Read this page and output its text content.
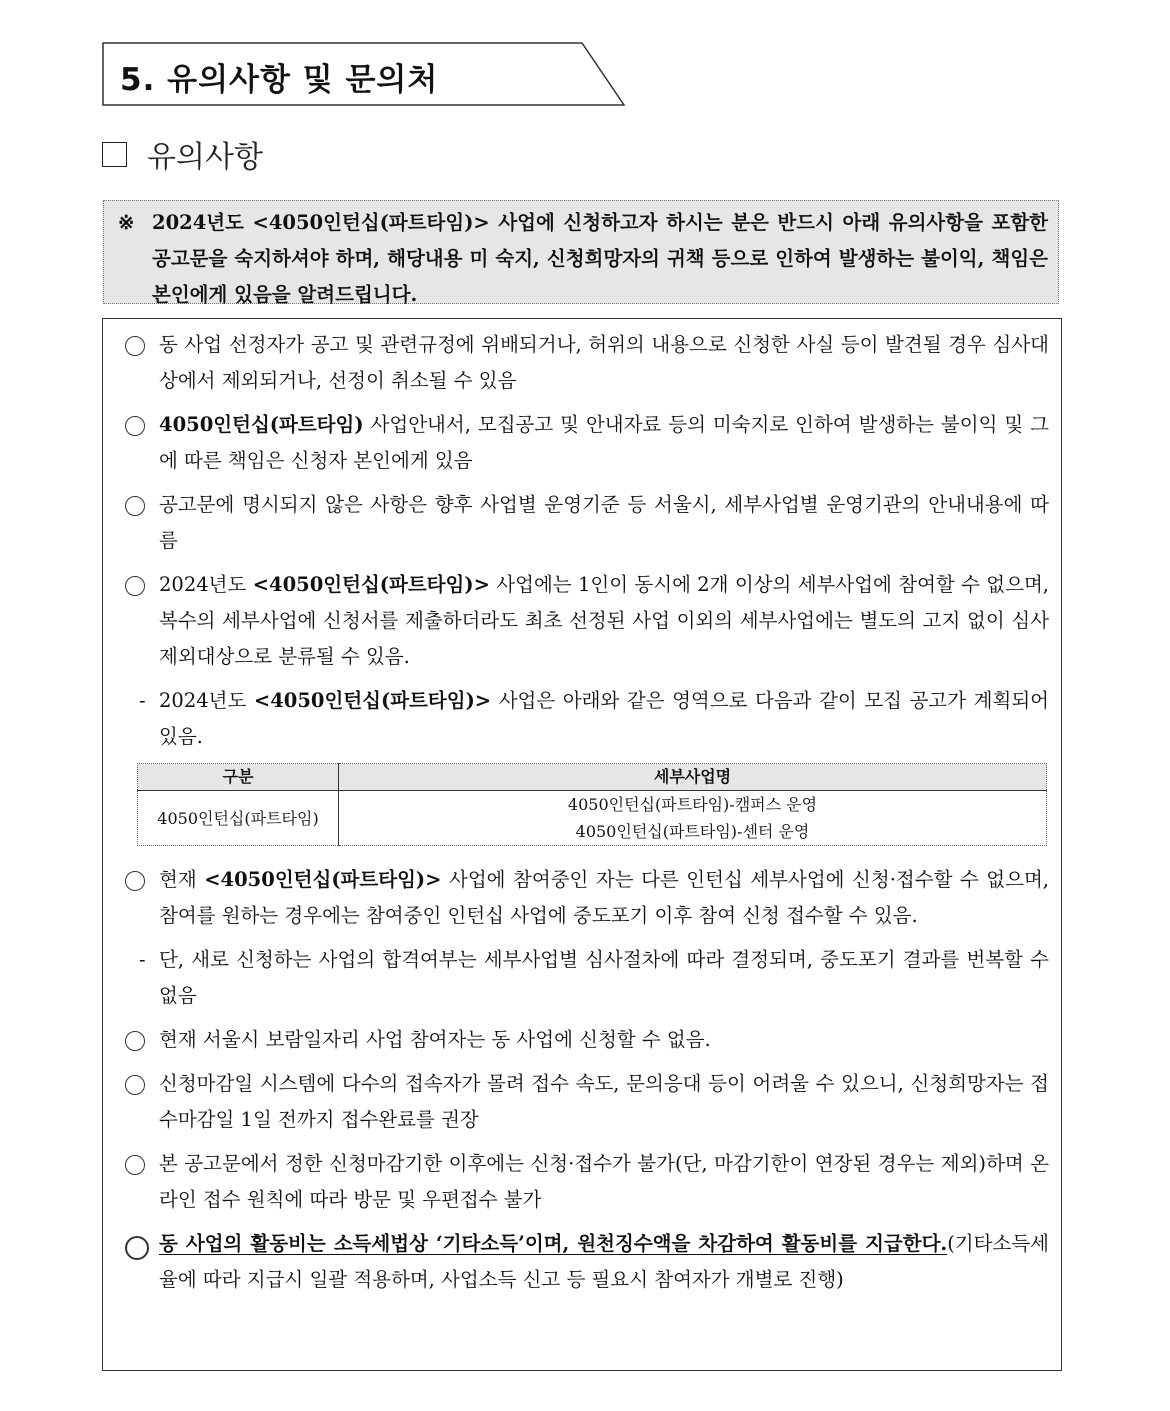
5. 유의사항 및 문의처
유의사항
※ 2024년도 <4050인턴십(파트타임)> 사업에 신청하고자 하시는 분은 반드시 아래 유의사항을 포함한 공고문을 숙지하셔야 하며, 해당내용 미 숙지, 신청희망자의 귀책 등으로 인하여 발생하는 불이익, 책임은 본인에게 있음을 알려드립니다.
동 사업 선정자가 공고 및 관련규정에 위배되거나, 허위의 내용으로 신청한 사실 등이 발견될 경우 심사대상에서 제외되거나, 선정이 취소될 수 있음
4050인턴십(파트타임) 사업안내서, 모집공고 및 안내자료 등의 미숙지로 인하여 발생하는 불이익 및 그에 따른 책임은 신청자 본인에게 있음
공고문에 명시되지 않은 사항은 향후 사업별 운영기준 등 서울시, 세부사업별 운영기관의 안내내용에 따름
2024년도 <4050인턴십(파트타임)> 사업에는 1인이 동시에 2개 이상의 세부사업에 참여할 수 없으며, 복수의 세부사업에 신청서를 제출하더라도 최초 선정된 사업 이외의 세부사업에는 별도의 고지 없이 심사제외대상으로 분류될 수 있음.
- 2024년도 <4050인턴십(파트타임)> 사업은 아래와 같은 영역으로 다음과 같이 모집 공고가 계획되어 있음.
구분	세부사업명
4050인턴십(파트타임)	4050인턴십(파트타임)-캠퍼스 운영
4050인턴십(파트타임)-센터 운영
현재 <4050인턴십(파트타임)> 사업에 참여중인 자는 다른 인턴십 세부사업에 신청·접수할 수 없으며, 참여를 원하는 경우에는 참여중인 인턴십 사업에 중도포기 이후 참여 신청 접수할 수 있음.
- 단, 새로 신청하는 사업의 합격여부는 세부사업별 심사절차에 따라 결정되며, 중도포기 결과를 번복할 수 없음
현재 서울시 보람일자리 사업 참여자는 동 사업에 신청할 수 없음.
신청마감일 시스템에 다수의 접속자가 몰려 접수 속도, 문의응대 등이 어려울 수 있으니, 신청희망자는 접수마감일 1일 전까지 접수완료를 권장
본 공고문에서 정한 신청마감기한 이후에는 신청·접수가 불가(단, 마감기한이 연장된 경우는 제외)하며 온라인 접수 원칙에 따라 방문 및 우편접수 불가
동 사업의 활동비는 소득세법상 ‘기타소득’이며, 원천징수액을 차감하여 활동비를 지급한다.(기타소득세율에 따라 지급시 일괄 적용하며, 사업소득 신고 등 필요시 참여자가 개별로 진행)
